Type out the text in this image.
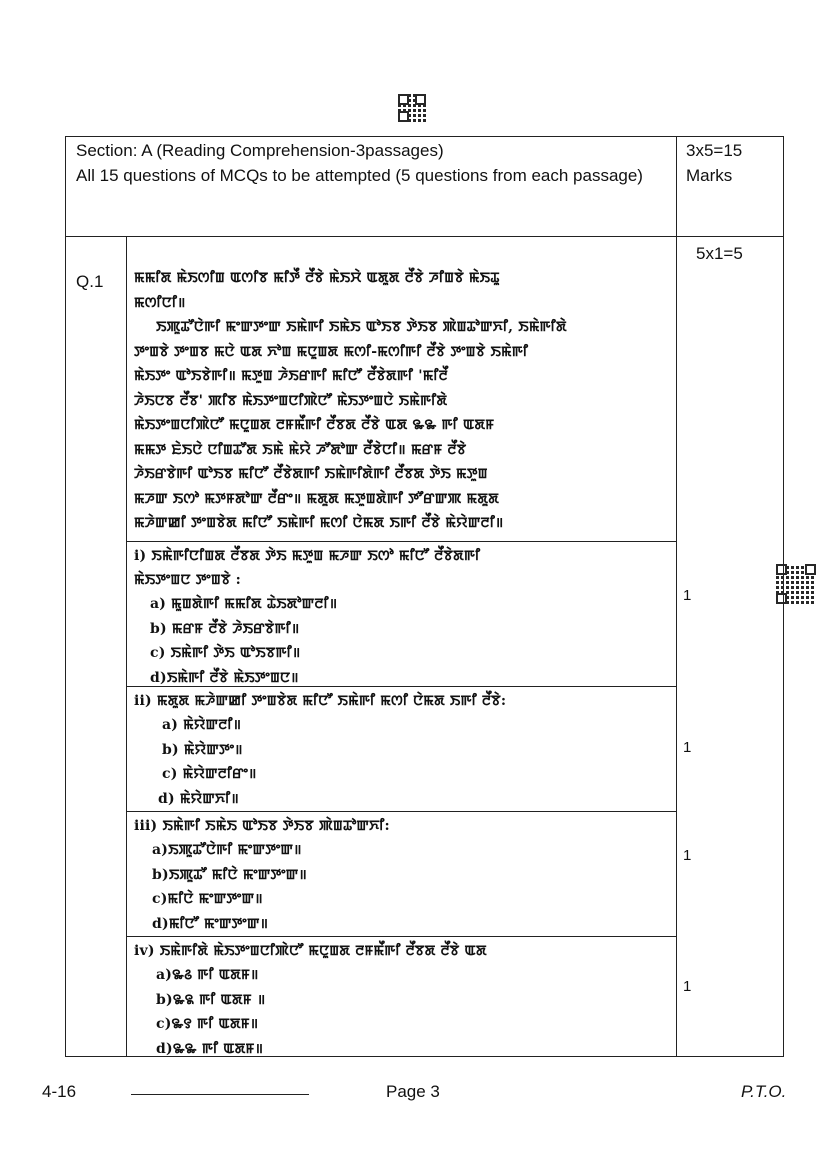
Section: A (Reading Comprehension-3passages)
All 15 questions of MCQs to be attempted (5 questions from each passage)
3x5=15 Marks
Q.1
5x1=5
ꯃꯃꯤꯗ ꯃꯥꯏꯁꯤꯡ ꯑꯁꯤꯕ ꯃꯤꯇꯩ ꯂꯩꯕꯥ ꯃꯥꯏꯆꯥ ꯑꯗꯨꯗ ꯂꯩꯕꯥ ꯍꯤꯡꯕꯥ ꯃꯥꯏꯊꯨ
ꯃꯁꯤꯅꯤ॥
ꯏꯄꯨꯊꯧꯅꯥꯒꯤ ꯃꯦꯛꯇꯦꯛ ꯏꯃꯥꯒꯤ ꯏꯃꯥꯏ ꯑꯣꯏꯕ ꯇꯥꯏꯕ ꯄꯥꯡꯊꯣꯛꯈꯤ, ꯏꯃꯥꯒꯤꯗꯥ
ꯇꯦꯡꯕꯥ ꯇꯦꯡꯕ ꯃꯅꯥ ꯑꯗ ꯈꯣꯡ ꯃꯅꯨꯡꯗ ꯃꯁꯤ-ꯃꯁꯤꯒꯤ ꯂꯩꯕꯥ ꯇꯦꯡꯕꯥ ꯏꯃꯥꯒꯤ
ꯃꯥꯏꯇꯦ ꯑꯣꯏꯕꯥꯒꯤ॥ ꯃꯇꯨꯡ ꯍꯥꯏꯔꯒꯤ ꯃꯤꯅꯧ ꯂꯩꯕꯥꯗꯒꯤ 'ꯃꯤꯂꯩ
ꯍꯥꯏꯅꯕ ꯂꯩꯕ' ꯄꯤꯕ ꯃꯥꯏꯇꯦꯡꯅꯤꯄꯥꯅꯧ ꯃꯥꯏꯇꯦꯡꯅꯥ ꯏꯃꯥꯒꯤꯗꯥ
ꯃꯥꯏꯇꯦꯡꯅꯤꯄꯥꯅꯧ ꯃꯅꯨꯡꯗ ꯂꯝꯃꯩꯒꯤ ꯂꯩꯕꯗ ꯂꯩꯕꯥ ꯑꯗ ꯳꯳ ꯒꯤ ꯑꯗꯝ
ꯃꯃꯇ ꯐꯥꯏꯅꯥ ꯅꯤꯡꯊꯧꯗ ꯏꯃꯥ ꯃꯥꯌꯥ ꯍꯧꯗꯣꯛ ꯂꯩꯕꯥꯅꯤ॥ ꯃꯔꯝ ꯂꯩꯕꯥ
ꯍꯥꯏꯔꯕꯥꯒꯤ ꯑꯣꯏꯕ ꯃꯤꯅꯧ ꯂꯩꯕꯥꯗꯒꯤ ꯏꯃꯥꯒꯤꯗꯥꯒꯤ ꯂꯩꯕꯗ ꯇꯥꯏ ꯃꯇꯨꯡ
ꯃꯍꯛ ꯏꯁꯣ ꯃꯇꯝꯗꯣꯛ ꯂꯩꯔꯦ॥ ꯃꯗꯨꯗ ꯃꯇꯨꯡꯗꯥꯒꯤ ꯇꯧꯔꯛꯄ ꯃꯗꯨꯗ
ꯃꯍꯥꯛꯀꯤ ꯇꯦꯡꯕꯥꯗ ꯃꯤꯅꯧ ꯏꯃꯥꯒꯤ ꯃꯁꯤ ꯅꯥꯃꯗ ꯏꯒꯤ ꯂꯩꯕꯥ ꯃꯥꯌꯥꯛꯂꯤ॥
i) ꯏꯃꯥꯒꯤꯅꯤꯡꯗ ꯂꯩꯕꯗ ꯇꯥꯏ ꯃꯇꯨꯡ ꯃꯍꯛ ꯏꯁꯣ ꯃꯤꯅꯧ ꯂꯩꯕꯥꯗꯒꯤ
ꯃꯥꯏꯇꯦꯡꯅ ꯇꯦꯡꯕꯥ :
a) ꯃꯨꯡꯗꯥꯒꯤ ꯃꯃꯤꯗ ꯊꯥꯏꯗꯣꯛꯂꯤ॥
b) ꯃꯔꯝ ꯂꯩꯕꯥ ꯍꯥꯏꯔꯕꯥꯒꯤ॥
c) ꯏꯃꯥꯒꯤ ꯇꯥꯏ ꯑꯣꯏꯕꯒꯤ॥
d)ꯏꯃꯥꯒꯤ ꯂꯩꯕꯥ ꯃꯥꯏꯇꯦꯡꯅ॥
1
ii) ꯃꯗꯨꯗ ꯃꯍꯥꯛꯀꯤ ꯇꯦꯡꯕꯥꯗ ꯃꯤꯅꯧ ꯏꯃꯥꯒꯤ ꯃꯁꯤ ꯅꯥꯃꯗ ꯏꯒꯤ ꯂꯩꯕꯥ:
a) ꯃꯥꯌꯥꯛꯂꯤ॥
b) ꯃꯥꯌꯥꯛꯇꯦ॥
c) ꯃꯥꯌꯥꯛꯂꯤꯔꯦ॥
d) ꯃꯥꯌꯥꯛꯈꯤ॥
1
iii) ꯏꯃꯥꯒꯤ ꯏꯃꯥꯏ ꯑꯣꯏꯕ ꯇꯥꯏꯕ ꯄꯥꯡꯊꯣꯛꯈꯤ:
a)ꯏꯄꯨꯊꯧꯅꯥꯒꯤ ꯃꯦꯛꯇꯦꯛ॥
b)ꯏꯄꯨꯊꯧ ꯃꯤꯅꯥ ꯃꯦꯛꯇꯦꯛ॥
c)ꯃꯤꯅꯥ ꯃꯦꯛꯇꯦꯛ॥
d)ꯃꯤꯅꯧ ꯃꯦꯛꯇꯦꯛ॥
1
iv) ꯏꯃꯥꯒꯤꯗꯥ ꯃꯥꯏꯇꯦꯡꯅꯤꯄꯥꯅꯧ ꯃꯅꯨꯡꯗ ꯂꯝꯃꯩꯒꯤ ꯂꯩꯕꯗ ꯂꯩꯕꯥ ꯑꯗ
a)꯳꯴ ꯒꯤ ꯑꯗꯝ॥
b)꯳꯲ ꯒꯤ ꯑꯗꯝ ॥
c)꯳꯱ ꯒꯤ ꯑꯗꯝ॥
d)꯳꯳ ꯒꯤ ꯑꯗꯝ॥
1
4-16	Page 3	P.T.O.
